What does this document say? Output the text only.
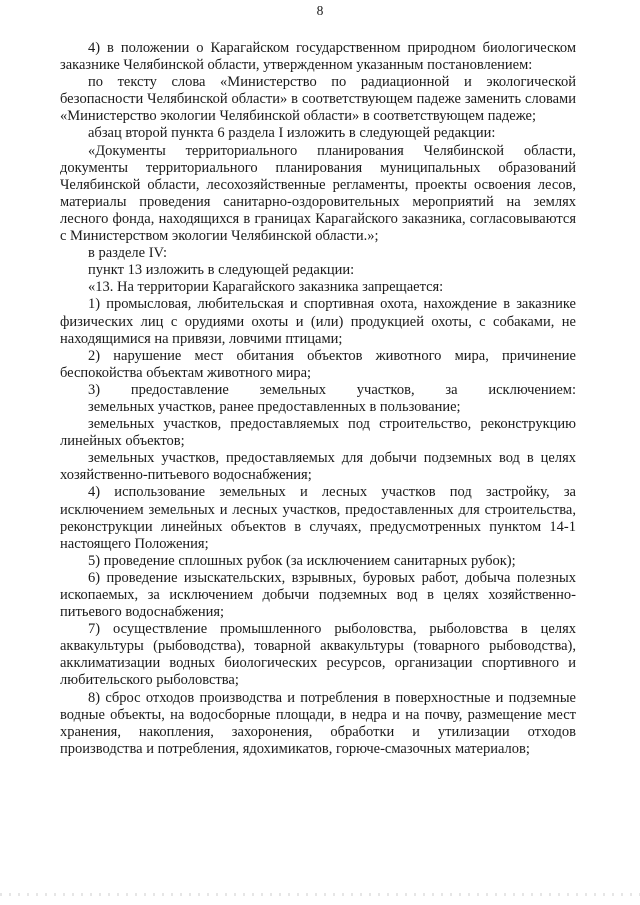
8

4) в положении о Карагайском государственном природном биологическом заказнике Челябинской области, утвержденном указанным постановлением:

по тексту слова «Министерство по радиационной и экологической безопасности Челябинской области» в соответствующем падеже заменить словами «Министерство экологии Челябинской области» в соответствующем падеже;

абзац второй пункта 6 раздела I изложить в следующей редакции:

«Документы территориального планирования Челябинской области, документы территориального планирования муниципальных образований Челябинской области, лесохозяйственные регламенты, проекты освоения лесов, материалы проведения санитарно-оздоровительных мероприятий на землях лесного фонда, находящихся в границах Карагайского заказника, согласовываются с Министерством экологии Челябинской области.»;

в разделе IV:

пункт 13 изложить в следующей редакции:

«13. На территории Карагайского заказника запрещается:

1) промысловая, любительская и спортивная охота, нахождение в заказнике физических лиц с орудиями охоты и (или) продукцией охоты, с собаками, не находящимися на привязи, ловчими птицами;

2) нарушение мест обитания объектов животного мира, причинение беспокойства объектам животного мира;

3) предоставление земельных участков, за исключением:

земельных участков, ранее предоставленных в пользование;

земельных участков, предоставляемых под строительство, реконструкцию линейных объектов;

земельных участков, предоставляемых для добычи подземных вод в целях хозяйственно-питьевого водоснабжения;

4) использование земельных и лесных участков под застройку, за исключением земельных и лесных участков, предоставленных для строительства, реконструкции линейных объектов в случаях, предусмотренных пунктом 14-1 настоящего Положения;

5) проведение сплошных рубок (за исключением санитарных рубок);

6) проведение изыскательских, взрывных, буровых работ, добыча полезных ископаемых, за исключением добычи подземных вод в целях хозяйственно-питьевого водоснабжения;

7) осуществление промышленного рыболовства, рыболовства в целях аквакультуры (рыбоводства), товарной аквакультуры (товарного рыбоводства), акклиматизации водных биологических ресурсов, организации спортивного и любительского рыболовства;

8) сброс отходов производства и потребления в поверхностные и подземные водные объекты, на водосборные площади, в недра и на почву, размещение мест хранения, накопления, захоронения, обработки и утилизации отходов производства и потребления, ядохимикатов, горюче-смазочных материалов;
